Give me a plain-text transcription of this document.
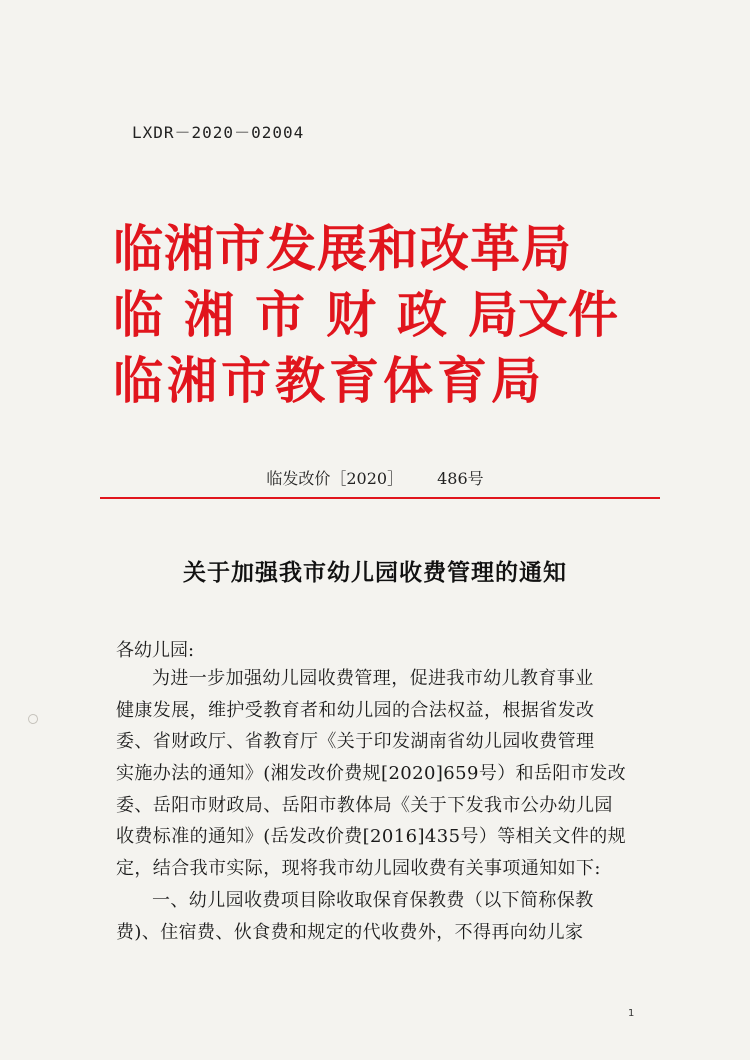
LXDR－2020－02004
临湘市发展和改革局
临 湘 市 财 政 局文件
临湘市教育体育局
临发改价［2020］ 486号
关于加强我市幼儿园收费管理的通知
各幼儿园:
为进一步加强幼儿园收费管理，促进我市幼儿教育事业
健康发展，维护受教育者和幼儿园的合法权益，根据省发改
委、省财政厅、省教育厅《关于印发湖南省幼儿园收费管理
实施办法的通知》(湘发改价费规[2020]659号）和岳阳市发改
委、岳阳市财政局、岳阳市教体局《关于下发我市公办幼儿园
收费标准的通知》(岳发改价费[2016]435号）等相关文件的规
定，结合我市实际，现将我市幼儿园收费有关事项通知如下:
一、幼儿园收费项目除收取保育保教费（以下简称保教
费)、住宿费、伙食费和规定的代收费外，不得再向幼儿家
1
